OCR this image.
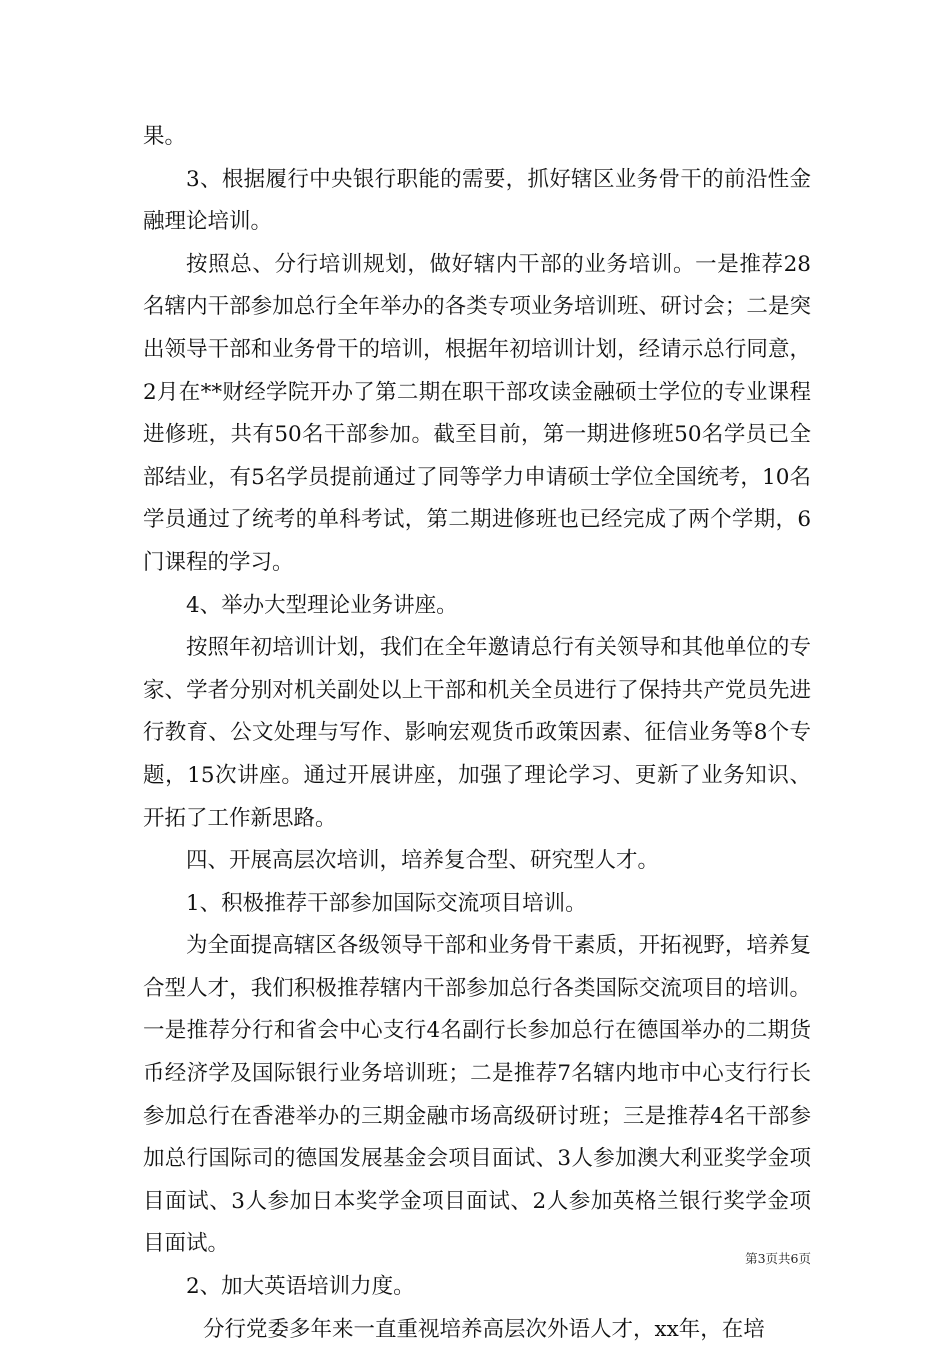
果。

3、根据履行中央银行职能的需要，抓好辖区业务骨干的前沿性金融理论培训。

按照总、分行培训规划，做好辖内干部的业务培训。一是推荐28名辖内干部参加总行全年举办的各类专项业务培训班、研讨会；二是突出领导干部和业务骨干的培训，根据年初培训计划，经请示总行同意，2月在**财经学院开办了第二期在职干部攻读金融硕士学位的专业课程进修班，共有50名干部参加。截至目前，第一期进修班50名学员已全部结业，有5名学员提前通过了同等学力申请硕士学位全国统考，10名学员通过了统考的单科考试，第二期进修班也已经完成了两个学期，6门课程的学习。

4、举办大型理论业务讲座。

按照年初培训计划，我们在全年邀请总行有关领导和其他单位的专家、学者分别对机关副处以上干部和机关全员进行了保持共产党员先进行教育、公文处理与写作、影响宏观货币政策因素、征信业务等8个专题，15次讲座。通过开展讲座，加强了理论学习、更新了业务知识、开拓了工作新思路。

四、开展高层次培训，培养复合型、研究型人才。

1、积极推荐干部参加国际交流项目培训。

为全面提高辖区各级领导干部和业务骨干素质，开拓视野，培养复合型人才，我们积极推荐辖内干部参加总行各类国际交流项目的培训。一是推荐分行和省会中心支行4名副行长参加总行在德国举办的二期货币经济学及国际银行业务培训班；二是推荐7名辖内地市中心支行行长参加总行在香港举办的三期金融市场高级研讨班；三是推荐4名干部参加总行国际司的德国发展基金会项目面试、3人参加澳大利亚奖学金项目面试、3人参加日本奖学金项目面试、2人参加英格兰银行奖学金项目面试。

2、加大英语培训力度。

分行党委多年来一直重视培养高层次外语人才，xx年，在培

第3页共6页
